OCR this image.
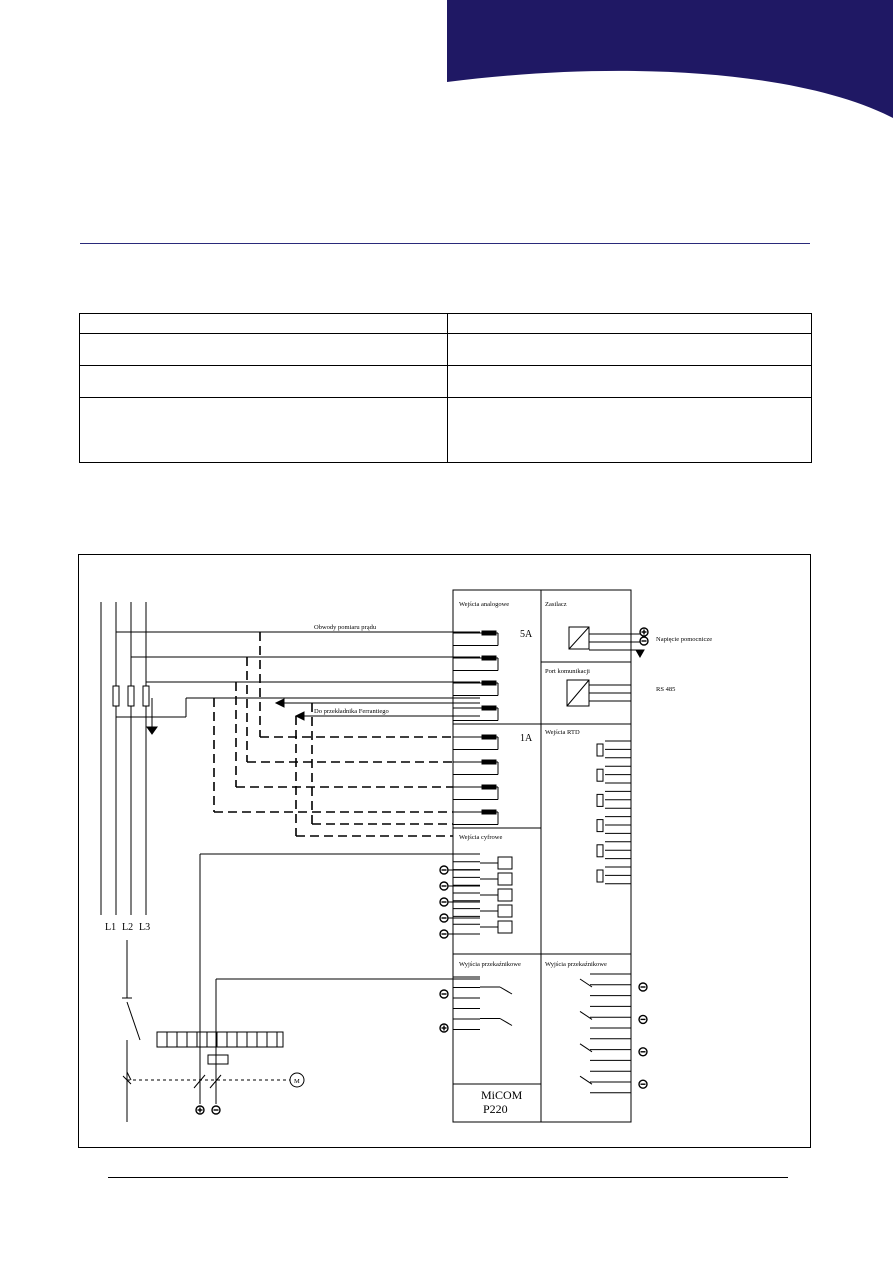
Wejścia analogowe	Zasilacz
Port komunikacji
Wejścia RTD
Wejścia cyfrowe
Wyjścia przekaźnikowe	Wyjścia przekaźnikowe
5A
1A
Obwody pomiaru prądu
Do przekładnika Ferrantiego
L1 L2 L3
Napięcie pomocnicze
RS 485
MiCOM
P220
M
